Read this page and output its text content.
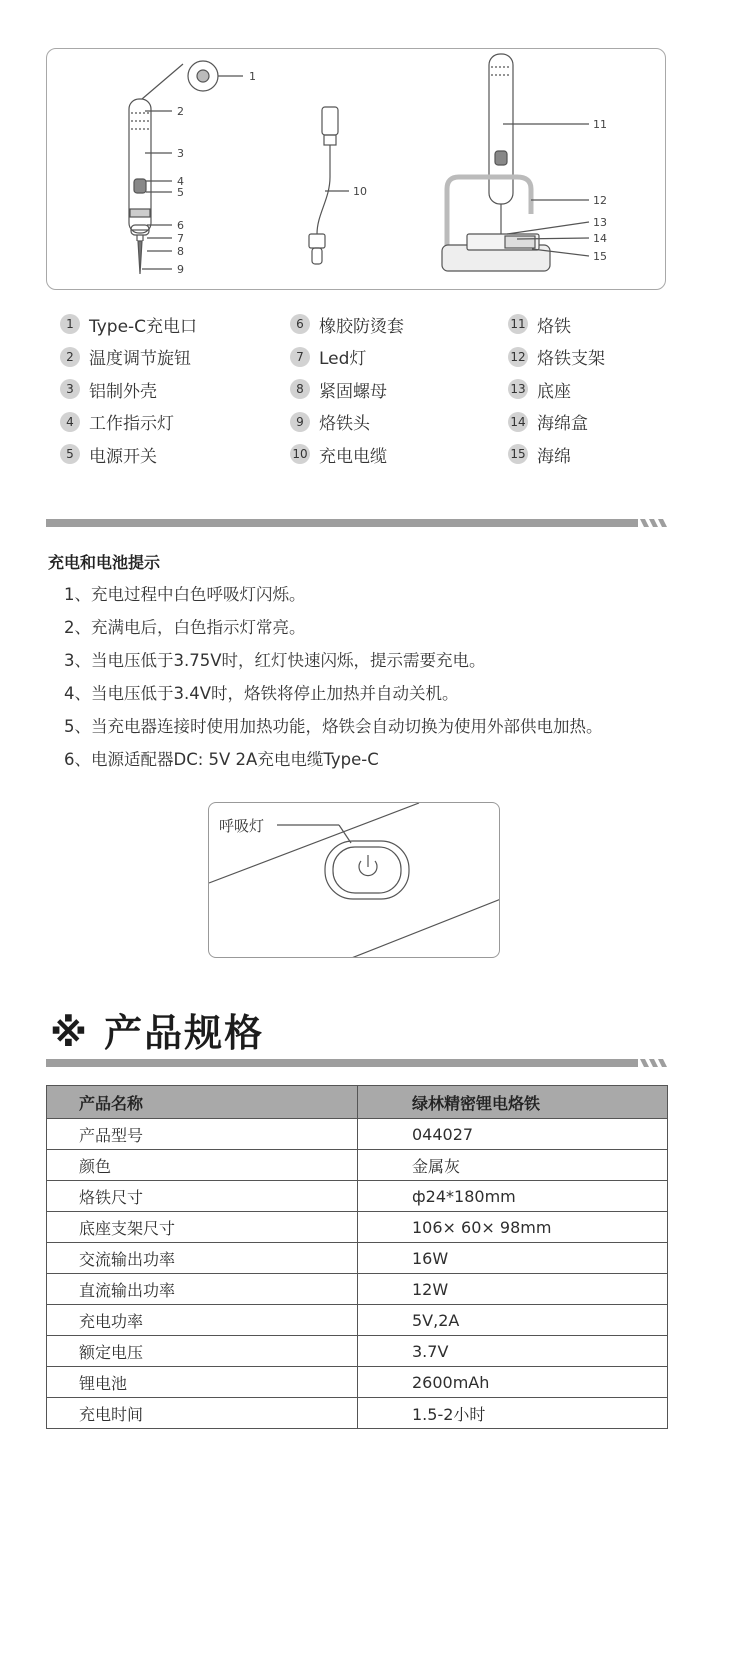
1
2
3
4
5
6
7
8
9
10
11
12
13
14
15
1 Type-C充电口
2 温度调节旋钮
3 铝制外壳
4 工作指示灯
5 电源开关
6 橡胶防烫套
7 Led灯
8 紧固螺母
9 烙铁头
10 充电电缆
11 烙铁
12 烙铁支架
13 底座
14 海绵盒
15 海绵
充电和电池提示
1、充电过程中白色呼吸灯闪烁。
2、充满电后，白色指示灯常亮。
3、当电压低于3.75V时，红灯快速闪烁，提示需要充电。
4、当电压低于3.4V时，烙铁将停止加热并自动关机。
5、当充电器连接时使用加热功能，烙铁会自动切换为使用外部供电加热。
6、电源适配器DC: 5V 2A充电电缆Type-C
呼吸灯
※ 产品规格
产品名称	绿林精密锂电烙铁
产品型号	044027
颜色	金属灰
烙铁尺寸	ф24*180mm
底座支架尺寸	106× 60× 98mm
交流输出功率	16W
直流输出功率	12W
充电功率	5V,2A
额定电压	3.7V
锂电池	2600mAh
充电时间	1.5-2小时
